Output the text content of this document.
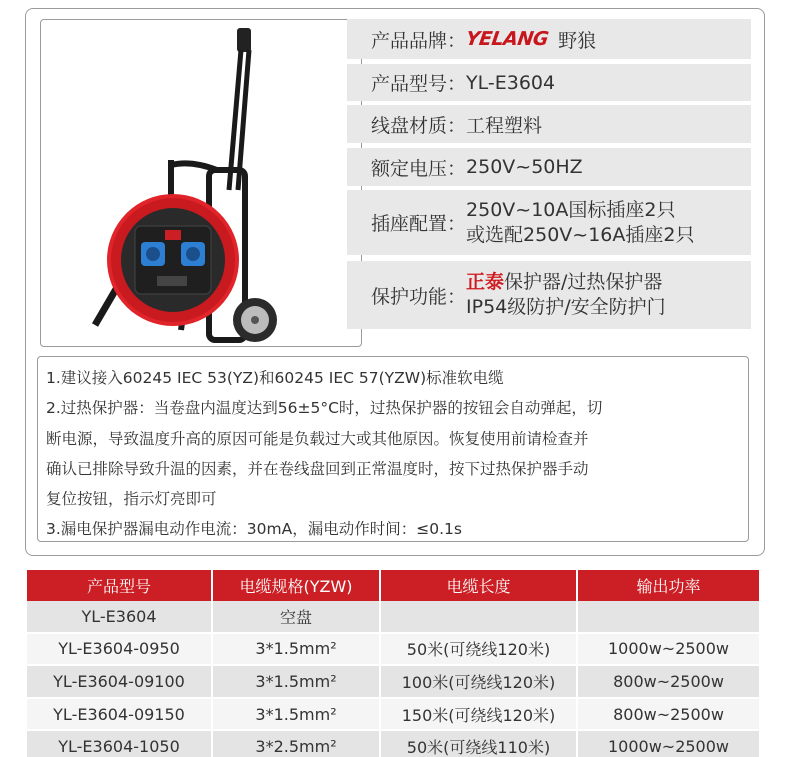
产品品牌：
YELANG 野狼
产品型号： YL-E3604
线盘材质： 工程塑料
额定电压： 250V~50HZ
插座配置：
250V~10A国标插座2只
或选配250V~16A插座2只
保护功能：
正泰保护器/过热保护器
IP54级防护/安全防护门

1.建议接入60245 IEC 53(YZ)和60245 IEC 57(YZW)标准软电缆

2.过热保护器：当卷盘内温度达到56±5°C时，过热保护器的按钮会自动弹起，切

断电源，导致温度升高的原因可能是负载过大或其他原因。恢复使用前请检查并

确认已排除导致升温的因素，并在卷线盘回到正常温度时，按下过热保护器手动

复位按钮，指示灯亮即可

3.漏电保护器漏电动作电流：30mA，漏电动作时间：≤0.1s

产品型号	电缆规格(YZW)	电缆长度	输出功率
YL-E3604	空盘
YL-E3604-0950	3*1.5mm²	50米(可绕线120米)	1000w~2500w
YL-E3604-09100	3*1.5mm²	100米(可绕线120米)	800w~2500w
YL-E3604-09150	3*1.5mm²	150米(可绕线120米)	800w~2500w
YL-E3604-1050	3*2.5mm²	50米(可绕线110米)	1000w~2500w
